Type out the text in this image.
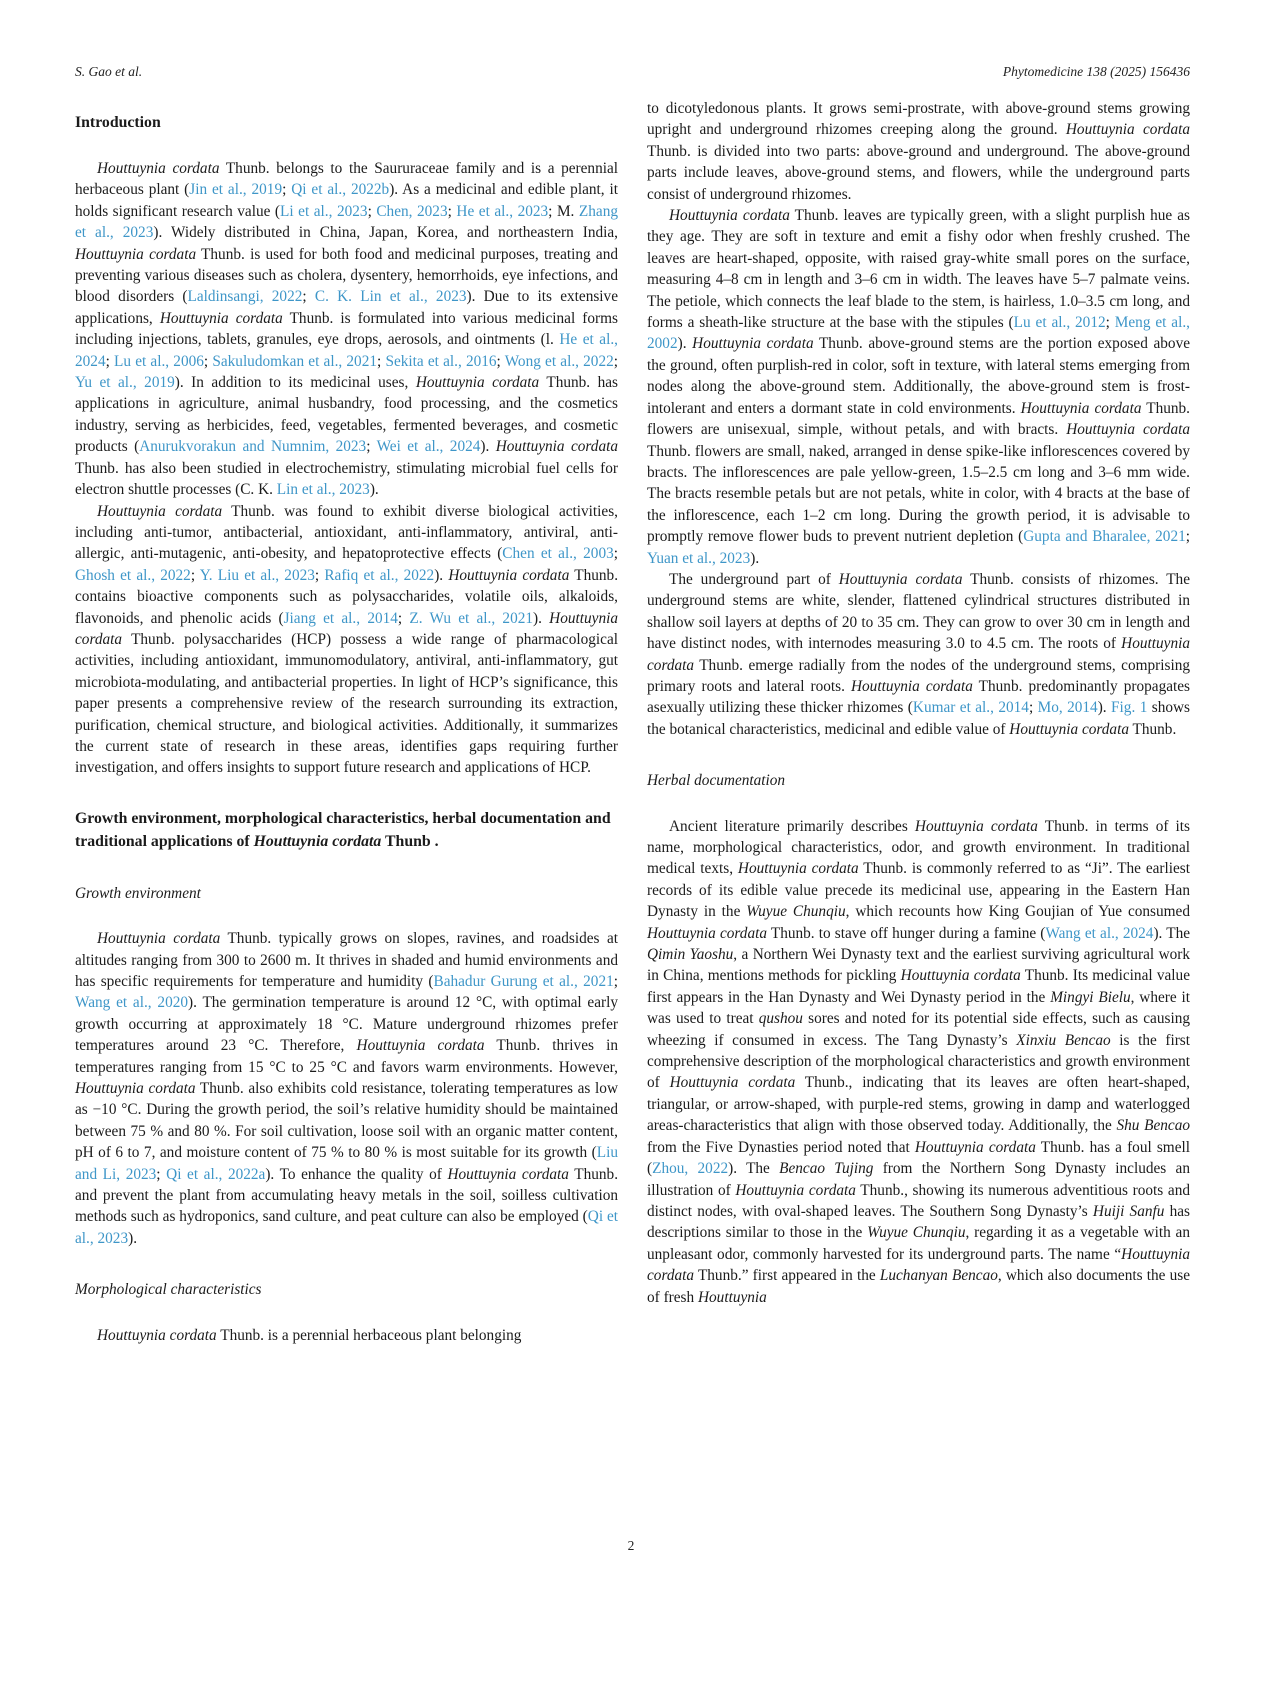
S. Gao et al.	Phytomedicine 138 (2025) 156436
Introduction

Houttuynia cordata Thunb. belongs to the Saururaceae family and is a perennial herbaceous plant (Jin et al., 2019; Qi et al., 2022b). As a medicinal and edible plant, it holds significant research value (Li et al., 2023; Chen, 2023; He et al., 2023; M. Zhang et al., 2023). Widely distributed in China, Japan, Korea, and northeastern India, Houttuynia cordata Thunb. is used for both food and medicinal purposes, treating and preventing various diseases such as cholera, dysentery, hemorrhoids, eye infections, and blood disorders (Laldinsangi, 2022; C. K. Lin et al., 2023). Due to its extensive applications, Houttuynia cordata Thunb. is formulated into various medicinal forms including injections, tablets, granules, eye drops, aerosols, and ointments (l. He et al., 2024; Lu et al., 2006; Sakuludomkan et al., 2021; Sekita et al., 2016; Wong et al., 2022; Yu et al., 2019). In addition to its medicinal uses, Houttuynia cordata Thunb. has applications in agriculture, animal husbandry, food processing, and the cosmetics industry, serving as herbicides, feed, vegetables, fermented beverages, and cosmetic products (Anurukvorakun and Numnim, 2023; Wei et al., 2024). Houttuynia cordata Thunb. has also been studied in electrochemistry, stimulating microbial fuel cells for electron shuttle processes (C. K. Lin et al., 2023).

Houttuynia cordata Thunb. was found to exhibit diverse biological activities, including anti-tumor, antibacterial, antioxidant, anti-inflammatory, antiviral, anti-allergic, anti-mutagenic, anti-obesity, and hepatoprotective effects (Chen et al., 2003; Ghosh et al., 2022; Y. Liu et al., 2023; Rafiq et al., 2022). Houttuynia cordata Thunb. contains bioactive components such as polysaccharides, volatile oils, alkaloids, flavonoids, and phenolic acids (Jiang et al., 2014; Z. Wu et al., 2021). Houttuynia cordata Thunb. polysaccharides (HCP) possess a wide range of pharmacological activities, including antioxidant, immunomodulatory, antiviral, anti-inflammatory, gut microbiota-modulating, and antibacterial properties. In light of HCP’s significance, this paper presents a comprehensive review of the research surrounding its extraction, purification, chemical structure, and biological activities. Additionally, it summarizes the current state of research in these areas, identifies gaps requiring further investigation, and offers insights to support future research and applications of HCP.

Growth environment, morphological characteristics, herbal documentation and traditional applications of Houttuynia cordata Thunb .
Growth environment

Houttuynia cordata Thunb. typically grows on slopes, ravines, and roadsides at altitudes ranging from 300 to 2600 m. It thrives in shaded and humid environments and has specific requirements for temperature and humidity (Bahadur Gurung et al., 2021; Wang et al., 2020). The germination temperature is around 12 °C, with optimal early growth occurring at approximately 18 °C. Mature underground rhizomes prefer temperatures around 23 °C. Therefore, Houttuynia cordata Thunb. thrives in temperatures ranging from 15 °C to 25 °C and favors warm environments. However, Houttuynia cordata Thunb. also exhibits cold resistance, tolerating temperatures as low as −10 °C. During the growth period, the soil’s relative humidity should be maintained between 75 % and 80 %. For soil cultivation, loose soil with an organic matter content, pH of 6 to 7, and moisture content of 75 % to 80 % is most suitable for its growth (Liu and Li, 2023; Qi et al., 2022a). To enhance the quality of Houttuynia cordata Thunb. and prevent the plant from accumulating heavy metals in the soil, soilless cultivation methods such as hydroponics, sand culture, and peat culture can also be employed (Qi et al., 2023).

Morphological characteristics

Houttuynia cordata Thunb. is a perennial herbaceous plant belonging

to dicotyledonous plants. It grows semi-prostrate, with above-ground stems growing upright and underground rhizomes creeping along the ground. Houttuynia cordata Thunb. is divided into two parts: above-ground and underground. The above-ground parts include leaves, above-ground stems, and flowers, while the underground parts consist of underground rhizomes.

Houttuynia cordata Thunb. leaves are typically green, with a slight purplish hue as they age. They are soft in texture and emit a fishy odor when freshly crushed. The leaves are heart-shaped, opposite, with raised gray-white small pores on the surface, measuring 4–8 cm in length and 3–6 cm in width. The leaves have 5–7 palmate veins. The petiole, which connects the leaf blade to the stem, is hairless, 1.0–3.5 cm long, and forms a sheath-like structure at the base with the stipules (Lu et al., 2012; Meng et al., 2002). Houttuynia cordata Thunb. above-ground stems are the portion exposed above the ground, often purplish-red in color, soft in texture, with lateral stems emerging from nodes along the above-ground stem. Additionally, the above-ground stem is frost-intolerant and enters a dormant state in cold environments. Houttuynia cordata Thunb. flowers are unisexual, simple, without petals, and with bracts. Houttuynia cordata Thunb. flowers are small, naked, arranged in dense spike-like inflorescences covered by bracts. The inflorescences are pale yellow-green, 1.5–2.5 cm long and 3–6 mm wide. The bracts resemble petals but are not petals, white in color, with 4 bracts at the base of the inflorescence, each 1–2 cm long. During the growth period, it is advisable to promptly remove flower buds to prevent nutrient depletion (Gupta and Bharalee, 2021; Yuan et al., 2023).

The underground part of Houttuynia cordata Thunb. consists of rhizomes. The underground stems are white, slender, flattened cylindrical structures distributed in shallow soil layers at depths of 20 to 35 cm. They can grow to over 30 cm in length and have distinct nodes, with internodes measuring 3.0 to 4.5 cm. The roots of Houttuynia cordata Thunb. emerge radially from the nodes of the underground stems, comprising primary roots and lateral roots. Houttuynia cordata Thunb. predominantly propagates asexually utilizing these thicker rhizomes (Kumar et al., 2014; Mo, 2014). Fig. 1 shows the botanical characteristics, medicinal and edible value of Houttuynia cordata Thunb.

Herbal documentation

Ancient literature primarily describes Houttuynia cordata Thunb. in terms of its name, morphological characteristics, odor, and growth environment. In traditional medical texts, Houttuynia cordata Thunb. is commonly referred to as “Ji”. The earliest records of its edible value precede its medicinal use, appearing in the Eastern Han Dynasty in the Wuyue Chunqiu, which recounts how King Goujian of Yue consumed Houttuynia cordata Thunb. to stave off hunger during a famine (Wang et al., 2024). The Qimin Yaoshu, a Northern Wei Dynasty text and the earliest surviving agricultural work in China, mentions methods for pickling Houttuynia cordata Thunb. Its medicinal value first appears in the Han Dynasty and Wei Dynasty period in the Mingyi Bielu, where it was used to treat qushou sores and noted for its potential side effects, such as causing wheezing if consumed in excess. The Tang Dynasty’s Xinxiu Bencao is the first comprehensive description of the morphological characteristics and growth environment of Houttuynia cordata Thunb., indicating that its leaves are often heart-shaped, triangular, or arrow-shaped, with purple-red stems, growing in damp and waterlogged areas-characteristics that align with those observed today. Additionally, the Shu Bencao from the Five Dynasties period noted that Houttuynia cordata Thunb. has a foul smell (Zhou, 2022). The Bencao Tujing from the Northern Song Dynasty includes an illustration of Houttuynia cordata Thunb., showing its numerous adventitious roots and distinct nodes, with oval-shaped leaves. The Southern Song Dynasty’s Huiji Sanfu has descriptions similar to those in the Wuyue Chunqiu, regarding it as a vegetable with an unpleasant odor, commonly harvested for its underground parts. The name “Houttuynia cordata Thunb.” first appeared in the Luchanyan Bencao, which also documents the use of fresh Houttuynia

2
